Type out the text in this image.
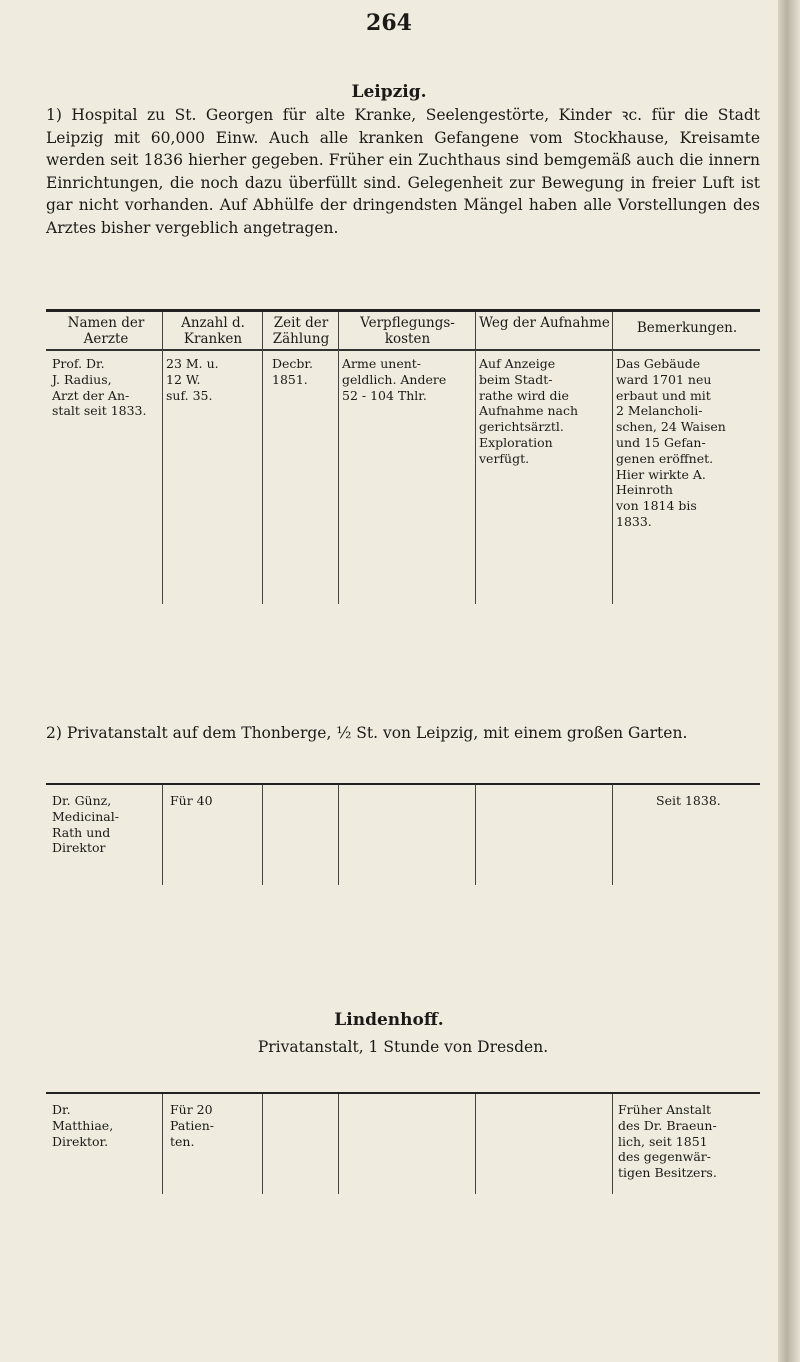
264
Leipzig.
1) Hospital zu St. Georgen für alte Kranke, Seelengestörte, Kinder ꝛc. für die Stadt Leipzig mit 60,000 Einw. Auch alle kranken Gefangene vom Stockhause, Kreisamte werden seit 1836 hierher gegeben. Früher ein Zuchthaus sind bemgemäß auch die innern Einrichtungen, die noch dazu überfüllt sind. Gelegenheit zur Bewegung in freier Luft ist gar nicht vorhanden. Auf Abhülfe der dringendsten Mängel haben alle Vorstellungen des Arztes bisher vergeblich angetragen.
Namen der Aerzte
Anzahl d. Kranken
Zeit der Zählung
Verpflegungs-kosten
Weg der Aufnahme	Bemerkungen.
Prof. Dr.
J. Radius,
Arzt der An-
stalt seit 1833.
23 M. u.
12 W.
suf. 35.
Decbr.
1851.
Arme unent-
geldlich. Andere
52 - 104 Thlr.
Auf Anzeige
beim Stadt-
rathe wird die
Aufnahme nach
gerichtsärztl.
Exploration
verfügt.
Das Gebäude
ward 1701 neu
erbaut und mit
2 Melancholi-
schen, 24 Waisen
und 15 Gefan-
genen eröffnet.
Hier wirkte A.
Heinroth
von 1814 bis
1833.
2) Privatanstalt auf dem Thonberge, ½ St. von Leipzig, mit einem großen Garten.
Dr. Günz,
Medicinal-
Rath und
Direktor
Für 40	Seit 1838.
Lindenhoff.
Privatanstalt, 1 Stunde von Dresden.
Dr.
Matthiae,
Direktor.
Für 20
Patien-
ten.
Früher Anstalt
des Dr. Braeun-
lich, seit 1851
des gegenwär-
tigen Besitzers.
